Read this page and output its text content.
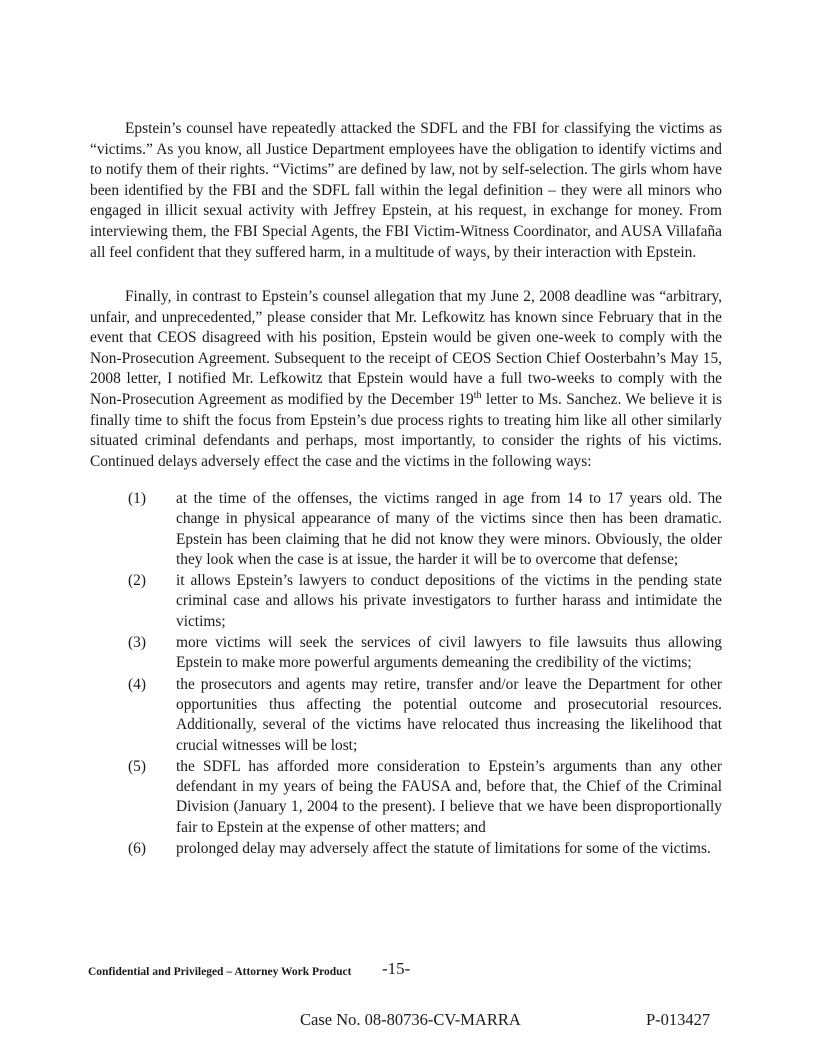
Epstein’s counsel have repeatedly attacked the SDFL and the FBI for classifying the victims as “victims.” As you know, all Justice Department employees have the obligation to identify victims and to notify them of their rights. “Victims” are defined by law, not by self-selection. The girls whom have been identified by the FBI and the SDFL fall within the legal definition – they were all minors who engaged in illicit sexual activity with Jeffrey Epstein, at his request, in exchange for money. From interviewing them, the FBI Special Agents, the FBI Victim-Witness Coordinator, and AUSA Villafaña all feel confident that they suffered harm, in a multitude of ways, by their interaction with Epstein.

Finally, in contrast to Epstein’s counsel allegation that my June 2, 2008 deadline was “arbitrary, unfair, and unprecedented,” please consider that Mr. Lefkowitz has known since February that in the event that CEOS disagreed with his position, Epstein would be given one-week to comply with the Non-Prosecution Agreement. Subsequent to the receipt of CEOS Section Chief Oosterbahn’s May 15, 2008 letter, I notified Mr. Lefkowitz that Epstein would have a full two-weeks to comply with the Non-Prosecution Agreement as modified by the December 19th letter to Ms. Sanchez. We believe it is finally time to shift the focus from Epstein’s due process rights to treating him like all other similarly situated criminal defendants and perhaps, most importantly, to consider the rights of his victims. Continued delays adversely effect the case and the victims in the following ways:

(1)	at the time of the offenses, the victims ranged in age from 14 to 17 years old. The change in physical appearance of many of the victims since then has been dramatic. Epstein has been claiming that he did not know they were minors. Obviously, the older they look when the case is at issue, the harder it will be to overcome that defense;
(2)	it allows Epstein’s lawyers to conduct depositions of the victims in the pending state criminal case and allows his private investigators to further harass and intimidate the victims;
(3)	more victims will seek the services of civil lawyers to file lawsuits thus allowing Epstein to make more powerful arguments demeaning the credibility of the victims;
(4)	the prosecutors and agents may retire, transfer and/or leave the Department for other opportunities thus affecting the potential outcome and prosecutorial resources. Additionally, several of the victims have relocated thus increasing the likelihood that crucial witnesses will be lost;
(5)	the SDFL has afforded more consideration to Epstein’s arguments than any other defendant in my years of being the FAUSA and, before that, the Chief of the Criminal Division (January 1, 2004 to the present). I believe that we have been disproportionally fair to Epstein at the expense of other matters; and
(6)	prolonged delay may adversely affect the statute of limitations for some of the victims.
Confidential and Privileged – Attorney Work Product -15-
Case No. 08-80736-CV-MARRA	P-013427
